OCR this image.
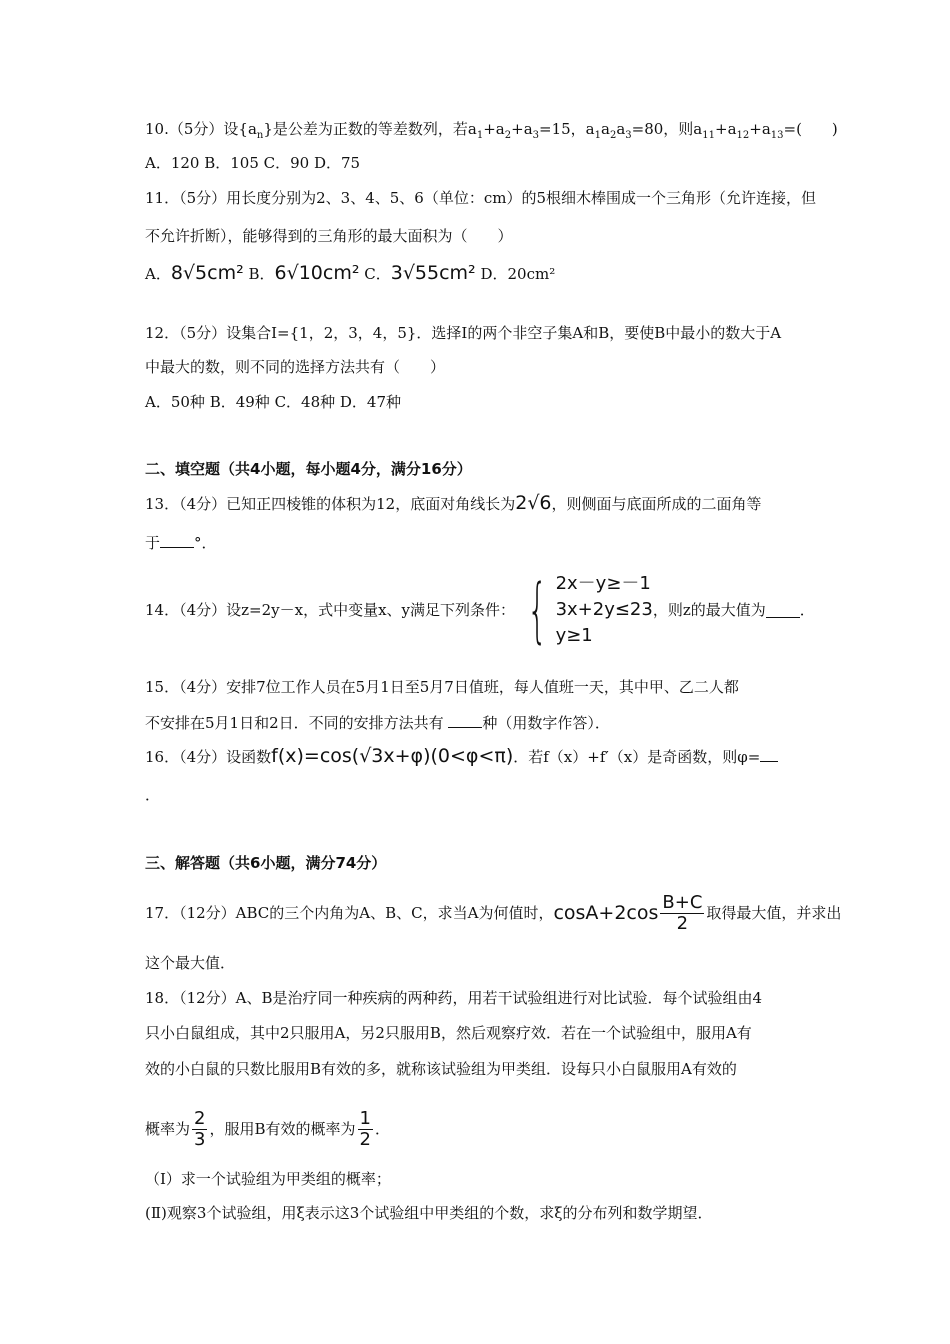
10.（5分）设$\{a_n\}$是公差为正数的等差数列，若$a_1+a_2+a_3=15$，$a_1a_2a_3=80$，则$a_{11}+a_{12}+a_{13}=$(　　)
A．120 B．105 C．90 D．75
11．（5分）用长度分别为2、3、4、5、6（单位：cm）的5根细木棒围成一个三角形（允许连接，但
不允许折断），能够得到的三角形的最大面积为（　　）
A．8√5cm² B．6√10cm² C．3√55cm² D．20cm²
12．（5分）设集合I={1，2，3，4，5}．选择I的两个非空子集A和B，要使B中最小的数大于A
中最大的数，则不同的选择方法共有（　　）
A．50种 B．49种 C．48种 D．47种
二、填空题（共4小题，每小题4分，满分16分）
13．（4分）已知正四棱锥的体积为12，底面对角线长为2√6，则侧面与底面所成的二面角等
于 °．
14．（4分）设z=2y－x，式中变量x、y满足下列条件： { 2x－y≥－1
3x+2y≤23
y≥1
，则z的最大值为 ．
15．（4分）安排7位工作人员在5月1日至5月7日值班，每人值班一天，其中甲、乙二人都
不安排在5月1日和2日．不同的安排方法共有 种（用数字作答）．
16．（4分）设函数f(x)=cos(√3x+φ)(0<φ<π)．若f（x）+f′（x）是奇函数，则φ=
．
三、解答题（共6小题，满分74分）
17．（12分）ABC的三个内角为A、B、C，求当A为何值时， $\cos A+2\cos \frac{B+C}{2}$ 取得最大值，并求出
这个最大值．
18．（12分）A、B是治疗同一种疾病的两种药，用若干试验组进行对比试验．每个试验组由4
只小白鼠组成，其中2只服用A，另2只服用B，然后观察疗效．若在一个试验组中，服用A有
效的小白鼠的只数比服用B有效的多，就称该试验组为甲类组．设每只小白鼠服用A有效的
概率为 $\frac{2}{3}$ ，服用B有效的概率为 $\frac{1}{2}$ ．
（Ⅰ）求一个试验组为甲类组的概率；
(Ⅱ)观察3个试验组，用ξ表示这3个试验组中甲类组的个数，求ξ的分布列和数学期望．
